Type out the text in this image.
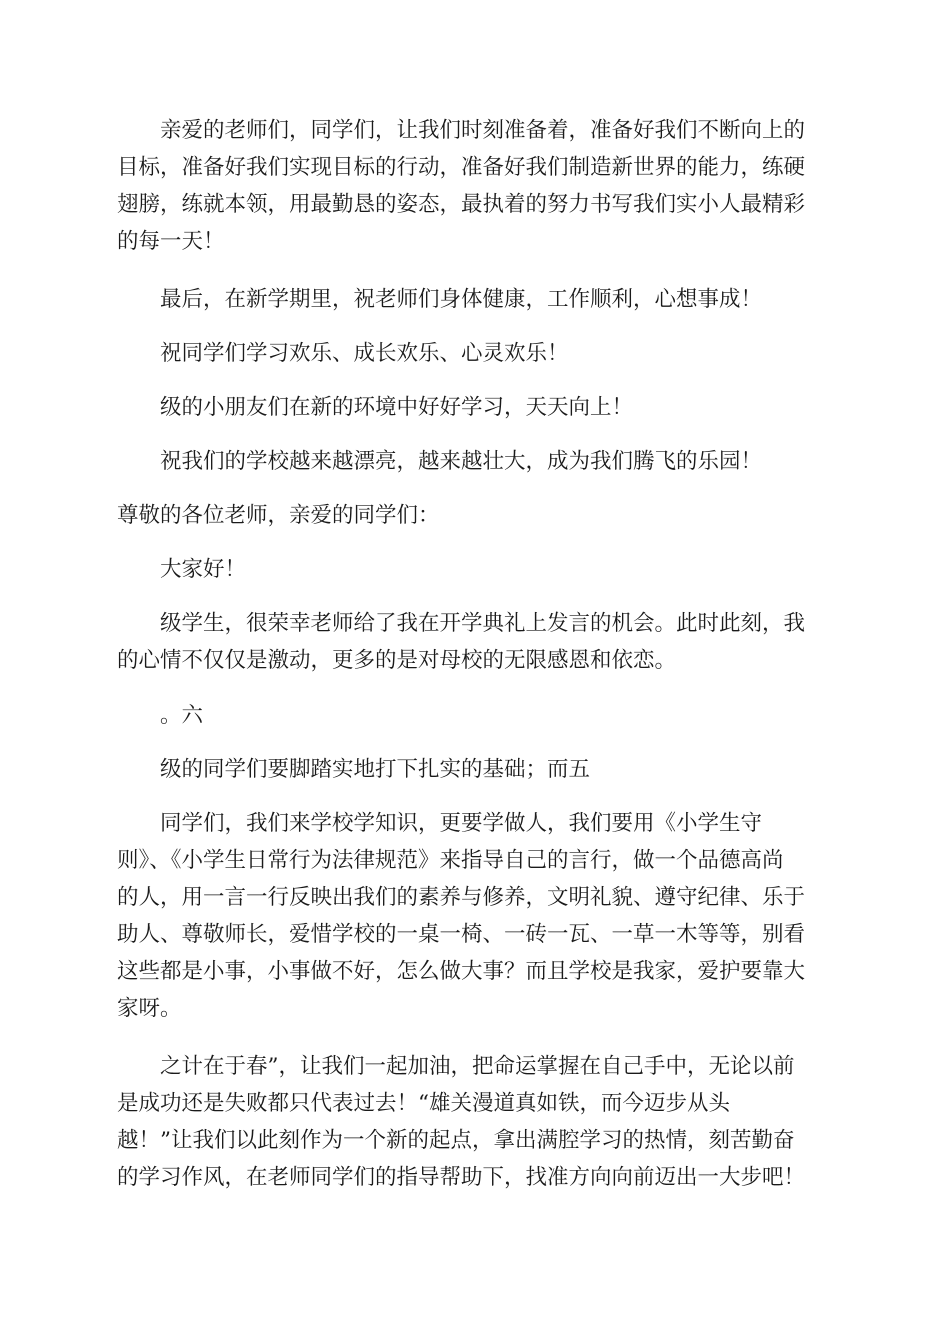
亲爱的老师们，同学们，让我们时刻准备着，准备好我们不断向上的
目标，准备好我们实现目标的行动，准备好我们制造新世界的能力，练硬
翅膀，练就本领，用最勤恳的姿态，最执着的努力书写我们实小人最精彩
的每一天！

最后，在新学期里，祝老师们身体健康，工作顺利，心想事成！

祝同学们学习欢乐、成长欢乐、心灵欢乐！

级的小朋友们在新的环境中好好学习，天天向上！

祝我们的学校越来越漂亮，越来越壮大，成为我们腾飞的乐园！

尊敬的各位老师，亲爱的同学们：

大家好！

级学生，很荣幸老师给了我在开学典礼上发言的机会。此时此刻，我
的心情不仅仅是激动，更多的是对母校的无限感恩和依恋。

。六

级的同学们要脚踏实地打下扎实的基础；而五

同学们，我们来学校学知识，更要学做人，我们要用《小学生守
则》、《小学生日常行为法律规范》来指导自己的言行，做一个品德高尚
的人，用一言一行反映出我们的素养与修养，文明礼貌、遵守纪律、乐于
助人、尊敬师长，爱惜学校的一桌一椅、一砖一瓦、一草一木等等，别看
这些都是小事，小事做不好，怎么做大事？而且学校是我家，爱护要靠大
家呀。

之计在于春”，让我们一起加油，把命运掌握在自己手中，无论以前
是成功还是失败都只代表过去！“雄关漫道真如铁，而今迈步从头
越！”让我们以此刻作为一个新的起点，拿出满腔学习的热情，刻苦勤奋
的学习作风，在老师同学们的指导帮助下，找准方向向前迈出一大步吧！
